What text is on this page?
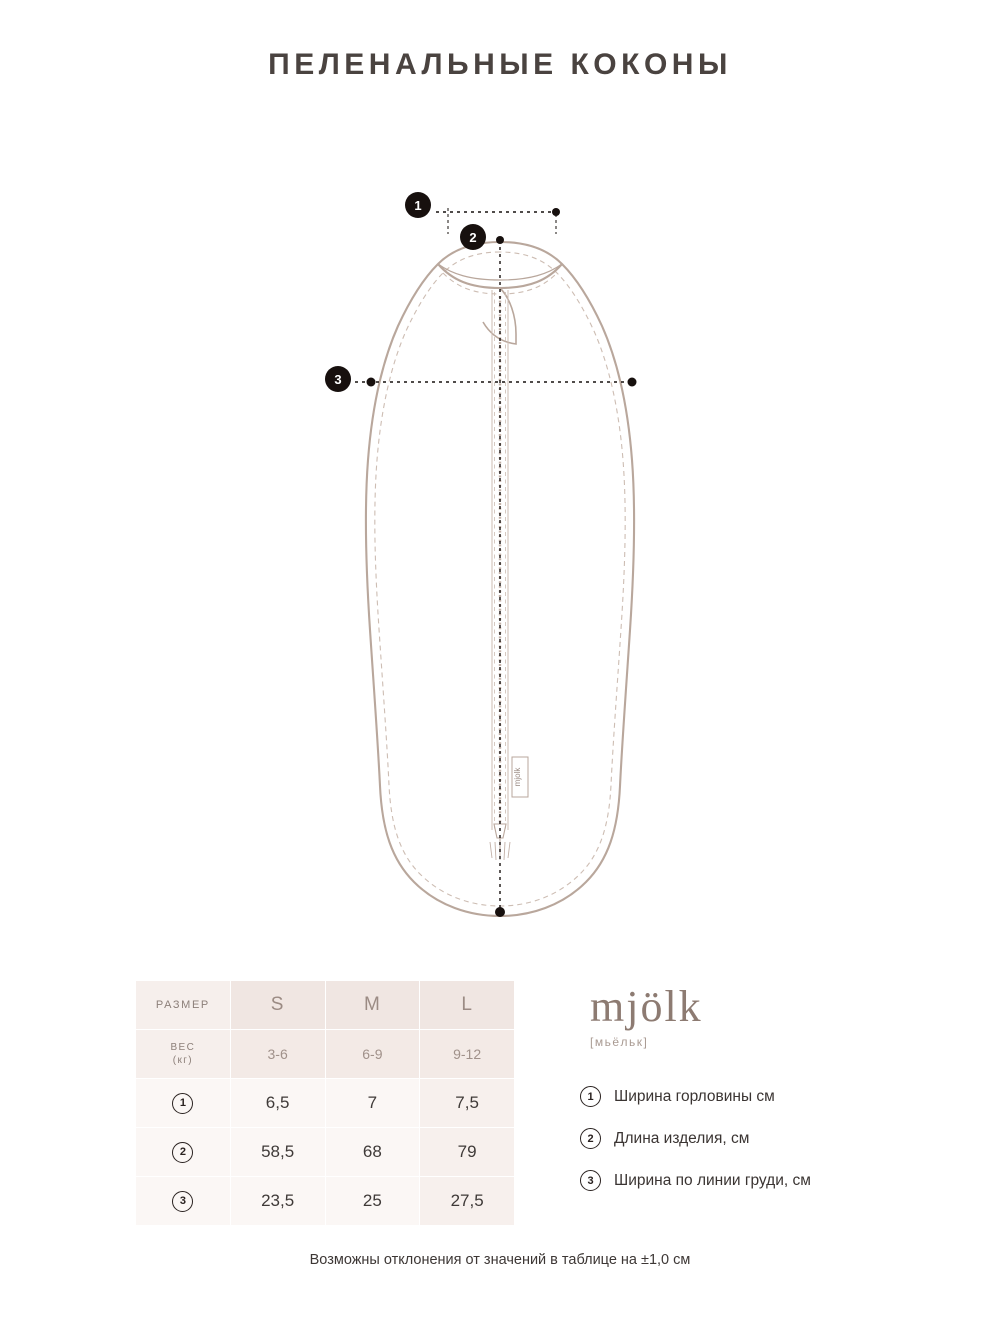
ПЕЛЕНАЛЬНЫЕ КОКОНЫ
mjolk
1
2
3
РАЗМЕР	S	M	L

ВЕС
(кг)	3-6	6-9	9-12
1	6,5	7	7,5
2	58,5	68	79
3	23,5	25	27,5
mjölk
[мьёльк]
1	Ширина горловины см
2	Длина изделия, см
3	Ширина по линии груди, см
Возможны отклонения от значений в таблице на ±1,0 см
